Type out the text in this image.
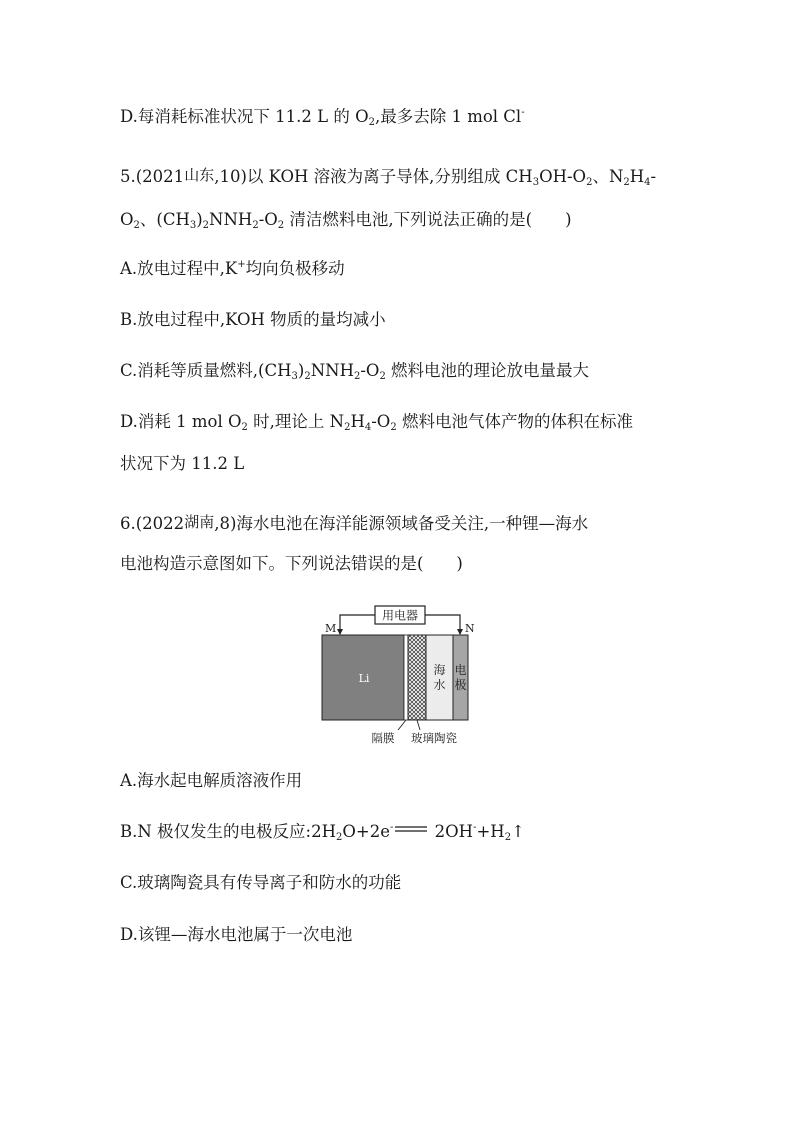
D.每消耗标准状况下 11.2 L 的 $O_2$,最多去除 1 mol Cl-
5.(2021山东,10)以 KOH 溶液为离子导体,分别组成 $CH_3OH-O_2$、$N_2H_4-$
$O_2$、$(CH_3)_2NNH_2-O_2$ 清洁燃料电池,下列说法正确的是(　　)
A.放电过程中,K+均向负极移动
B.放电过程中,KOH 物质的量均减小
C.消耗等质量燃料$,(CH_3)_2NNH_2-O_2$ 燃料电池的理论放电量最大
D.消耗 1 mol $O_2$ 时,理论上 $N_2H_4-O_2$ 燃料电池气体产物的体积在标准
状况下为 11.2 L
6.(2022湖南,8)海水电池在海洋能源领域备受关注,一种锂—海水
电池构造示意图如下。下列说法错误的是(　　)
用电器
M	N
Li
海
水
电
极
隔膜 玻璃陶瓷
A.海水起电解质溶液作用
B.N 极仅发生的电极反应$:2H_2O+2e^-$ $2OH^-+H_2↑$
C.玻璃陶瓷具有传导离子和防水的功能
D.该锂—海水电池属于一次电池
